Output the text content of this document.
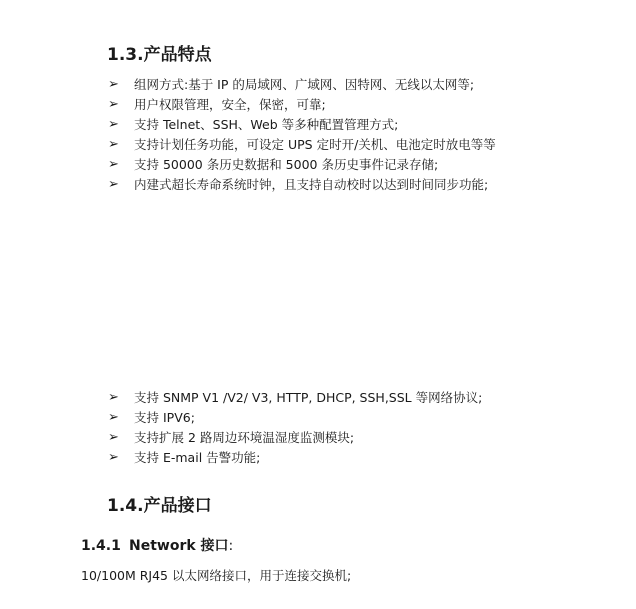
1.3.产品特点
➢ 组网方式:基于 IP 的局域网、广域网、因特网、无线以太网等;
➢ 用户权限管理，安全，保密，可靠;
➢ 支持 Telnet、SSH、Web 等多种配置管理方式;
➢ 支持计划任务功能，可设定 UPS 定时开/关机、电池定时放电等等
➢ 支持 50000 条历史数据和 5000 条历史事件记录存储;
➢ 内建式超长寿命系统时钟，且支持自动校时以达到时间同步功能;
➢ 支持 SNMP V1 /V2/ V3, HTTP, DHCP, SSH,SSL 等网络协议;
➢ 支持 IPV6;
➢ 支持扩展 2 路周边环境温湿度监测模块;
➢ 支持 E-mail 告警功能;
1.4.产品接口
1.4.1 Network 接口:

10/100M RJ45 以太网络接口，用于连接交换机;
